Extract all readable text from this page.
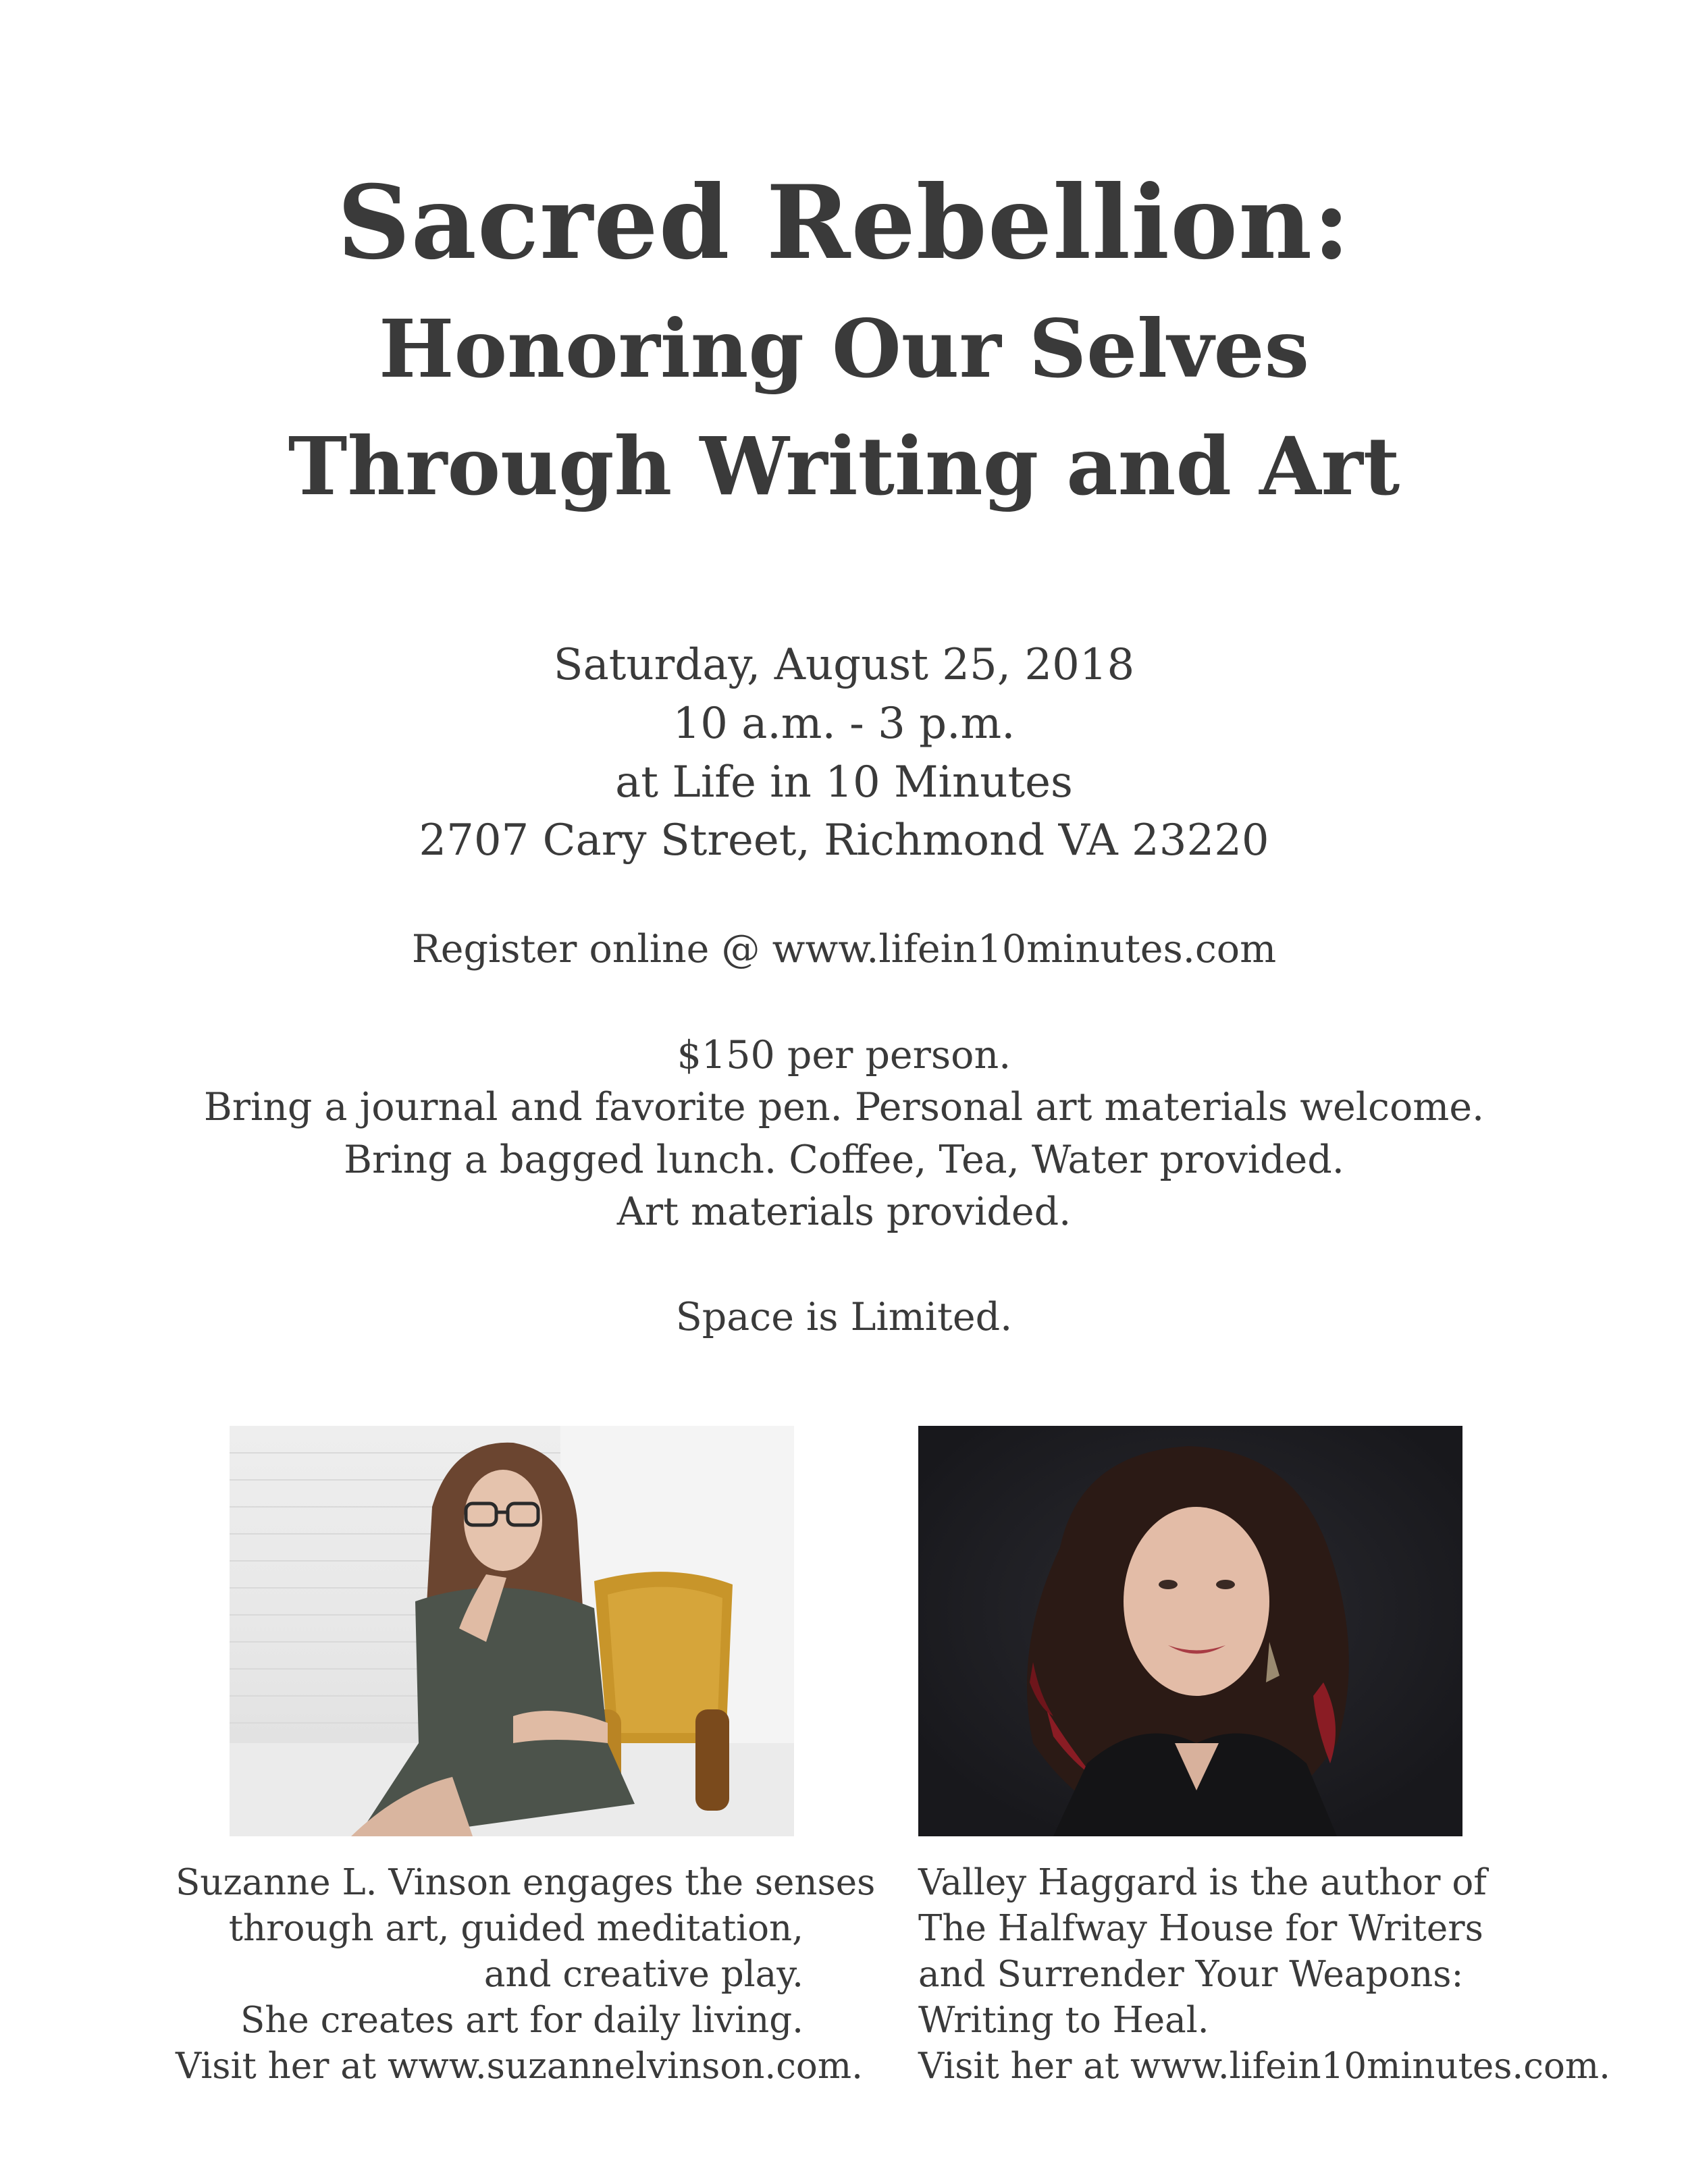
Sacred Rebellion:
Honoring Our Selves
Through Writing and Art
Saturday, August 25, 2018
10 a.m. - 3 p.m.
at Life in 10 Minutes
2707 Cary Street, Richmond VA 23220
Register online @ www.lifein10minutes.com
$150 per person.
Bring a journal and favorite pen. Personal art materials welcome.
Bring a bagged lunch. Coffee, Tea, Water provided.
Art materials provided.
Space is Limited.
Suzanne L. Vinson engages the senses
through art, guided meditation,
and creative play.
She creates art for daily living.
Visit her at www.suzannelvinson.com.
Valley Haggard is the author of
The Halfway House for Writers
and Surrender Your Weapons:
Writing to Heal.
Visit her at www.lifein10minutes.com.
